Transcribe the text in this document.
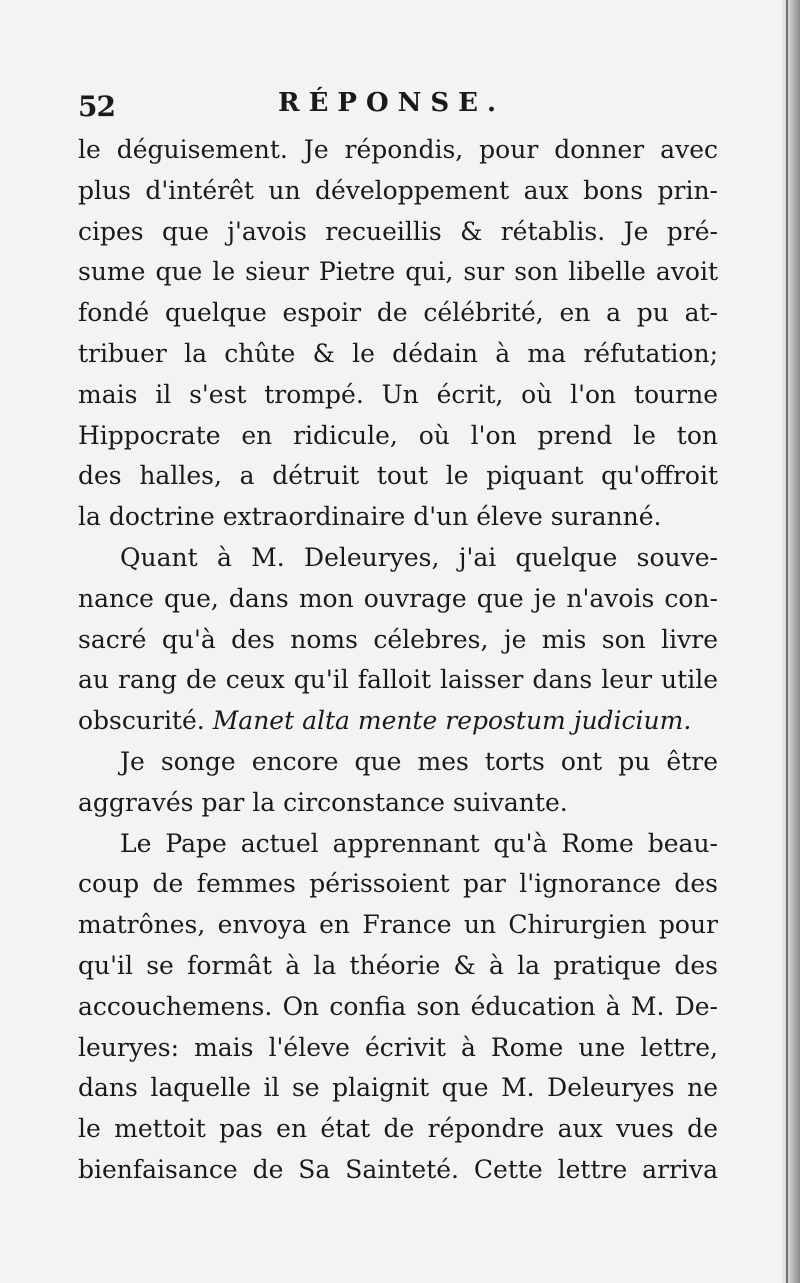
52	RÉPONSE.
le déguisement. Je répondis, pour donner avec
plus d'intérêt un développement aux bons prin-
cipes que j'avois recueillis & rétablis. Je pré-
sume que le sieur Pietre qui, sur son libelle avoit
fondé quelque espoir de célébrité, en a pu at-
tribuer la chûte & le dédain à ma réfutation;
mais il s'est trompé. Un écrit, où l'on tourne
Hippocrate en ridicule, où l'on prend le ton
des halles, a détruit tout le piquant qu'offroit
la doctrine extraordinaire d'un éleve suranné.
Quant à M. Deleuryes, j'ai quelque souve-
nance que, dans mon ouvrage que je n'avois con-
sacré qu'à des noms célebres, je mis son livre
au rang de ceux qu'il falloit laisser dans leur utile
obscurité. Manet alta mente repostum judicium.
Je songe encore que mes torts ont pu être
aggravés par la circonstance suivante.
Le Pape actuel apprennant qu'à Rome beau-
coup de femmes périssoient par l'ignorance des
matrônes, envoya en France un Chirurgien pour
qu'il se formât à la théorie & à la pratique des
accouchemens. On confia son éducation à M. De-
leuryes: mais l'éleve écrivit à Rome une lettre,
dans laquelle il se plaignit que M. Deleuryes ne
le mettoit pas en état de répondre aux vues de
bienfaisance de Sa Sainteté. Cette lettre arriva
